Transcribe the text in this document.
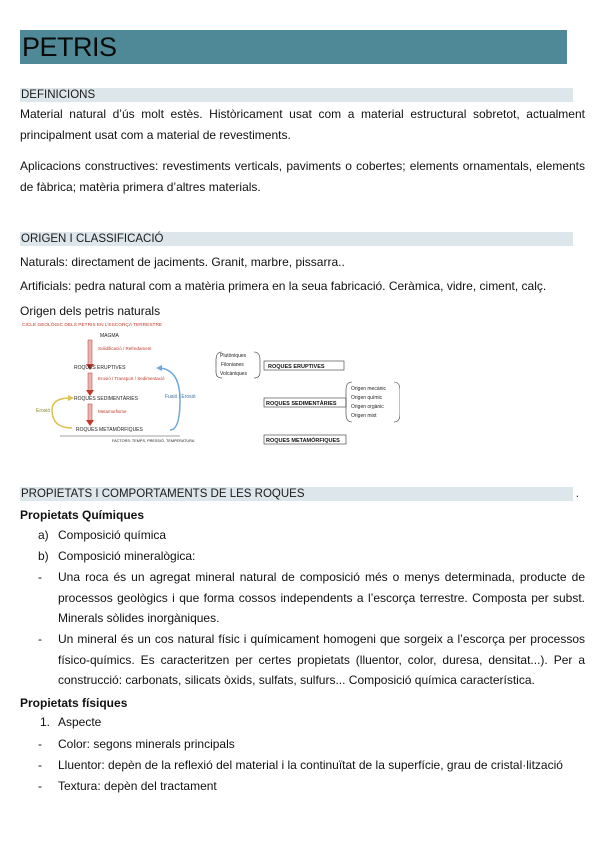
PETRIS
DEFINICIONS
Material natural d’ús molt estès. Històricament usat com a material estructural sobretot, actualment principalment usat com a material de revestiments.
Aplicacions constructives: revestiments verticals, paviments o cobertes; elements ornamentals, elements de fàbrica; matèria primera d’altres materials.
ORIGEN I CLASSIFICACIÓ
Naturals: directament de jaciments. Granit, marbre, pissarra..
Artificials: pedra natural com a matèria primera en la seua fabricació. Ceràmica, vidre, ciment, calç.
Origen dels petris naturals
CICLE GEOLÒGIC DELS PETRIS EN L’ESCORÇA TERRESTRE
MAGMA
Solidificació / Refredament
ROQUES ERUPTIVES
Erosió / Transport / Sedimentació
ROQUES SEDIMENTÀRIES
Metamorfisme
ROQUES METAMÒRFIQUES
Erosió
Fusió / Erosió
FACTORS: TEMPS, PRESSIÓ, TEMPERATURA
Plutòniques
Filonianes
Volcàniques
ROQUES ERUPTIVES
ROQUES SEDIMENTÀRIES
Origen mecànic
Origen químic
Origen orgànic
Origen mixt
ROQUES METAMÒRFIQUES
PROPIETATS I COMPORTAMENTS DE LES ROQUES	.
Propietats Químiques
a) Composició química
b) Composició mineralògica:
- Una roca és un agregat mineral natural de composició més o menys determinada, producte de processos geològics i que forma cossos independents a l’escorça terrestre. Composta per subst. Minerals sòlides inorgàniques.
- Un mineral és un cos natural físic i químicament homogeni que sorgeix a l’escorça per processos físico-químics. Es caracteritzen per certes propietats (lluentor, color, duresa, densitat...). Per a construcció: carbonats, silicats òxids, sulfats, sulfurs... Composició química característica.
Propietats físiques
1. Aspecte
- Color: segons minerals principals
- Lluentor: depèn de la reflexió del material i la continuïtat de la superfície, grau de cristal·lització
- Textura: depèn del tractament
